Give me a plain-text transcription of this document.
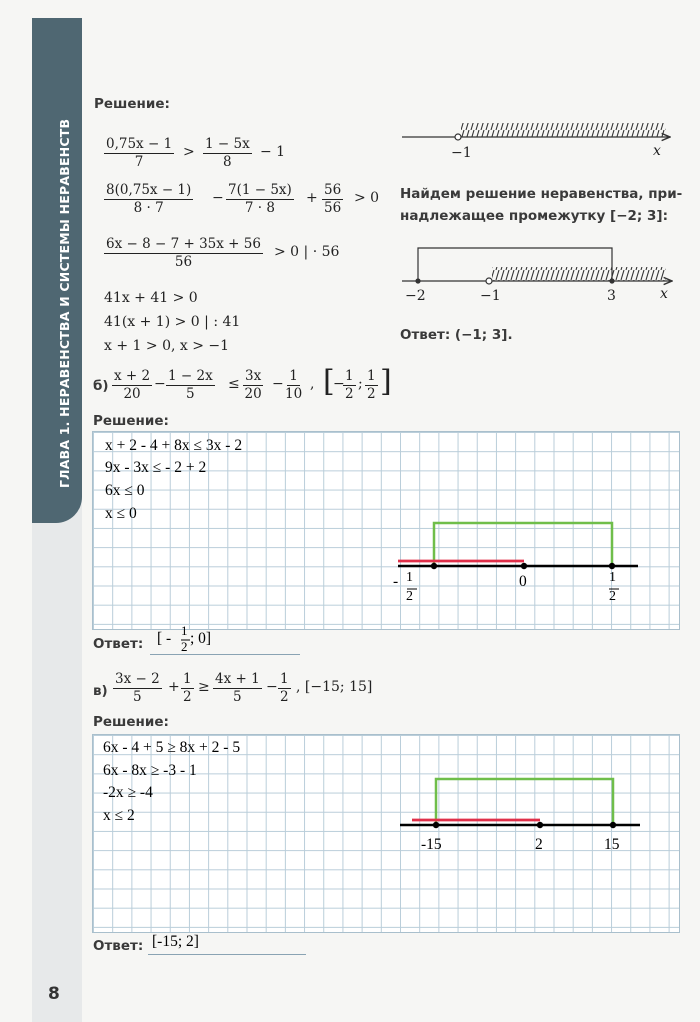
ГЛАВА 1. НЕРАВЕНСТВА И СИСТЕМЫ НЕРАВЕНСТВ
8
Решение:
$\frac{0,75x - 1}{7} > \frac{1 - 5x}{8} - 1$
$\frac{8(0,75x - 1)}{8 \cdot 7} - \frac{7(1 - 5x)}{7 \cdot 8} + \frac{56}{56} > 0$
$\frac{6x - 8 - 7 + 35x + 56}{56} > 0$ | · 56
41x + 41 > 0
41(x + 1) > 0 | : 41
x + 1 > 0, x > −1
−1	x
Найдем решение неравенства, при-
надлежащее промежутку [−2; 3]:
−2	−1	3	x
Ответ: (−1; 3].
$б) \frac{x + 2}{20} - \frac{1 - 2x}{5} \le \frac{3x}{20} - \frac{1}{10}$ , [
−
$\frac{1}{2}$ ; $\frac{1}{2}$ ]
Решение:
x + 2 - 4 + 8x ≤ 3x - 2
9x - 3x ≤ - 2 + 2
6x ≤ 0
x ≤ 0
- 1
2
0	1
2
Ответ: [ - 1
2 ; 0]
$в) \frac{3x - 2}{5} + \frac{1}{2} \ge \frac{4x + 1}{5} - \frac{1}{2}$ , [−15; 15]
Решение:
6x - 4 + 5 ≥ 8x + 2 - 5
6x - 8x ≥ -3 - 1
-2x ≥ -4
x ≤ 2
-15	2	15
Ответ: [-15; 2]
